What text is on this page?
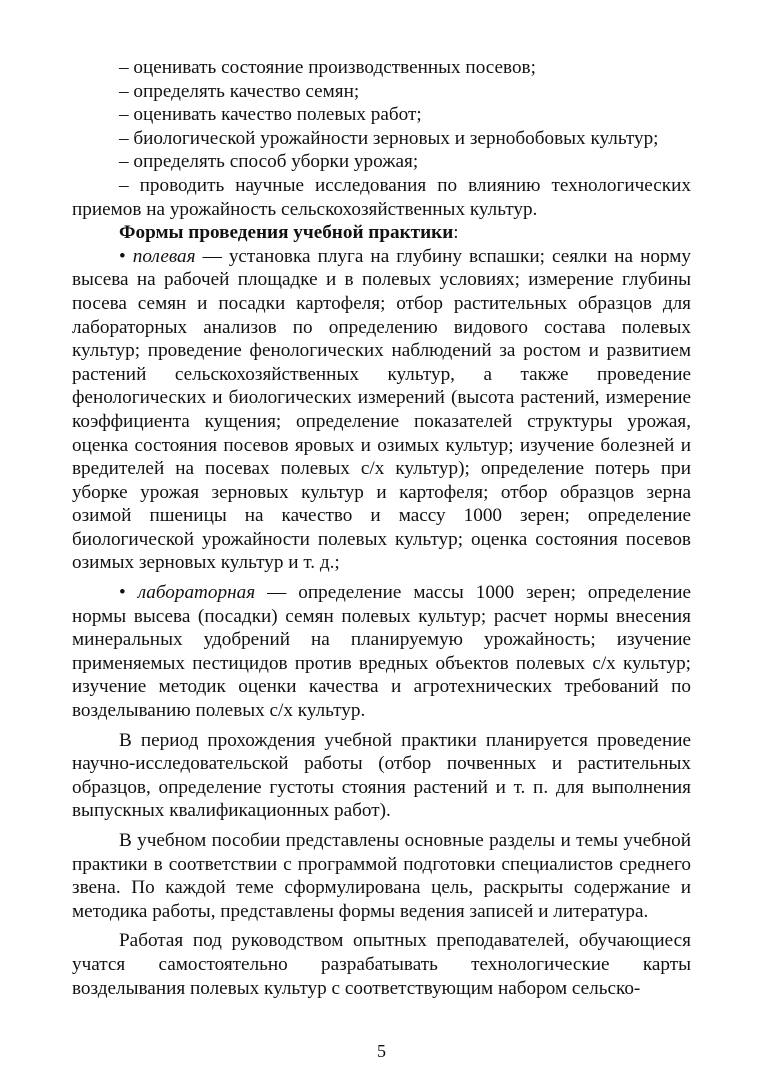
– оценивать состояние производственных посевов;

– определять качество семян;

– оценивать качество полевых работ;

– биологической урожайности зерновых и зернобобовых культур;

– определять способ уборки урожая;

– проводить научные исследования по влиянию технологических приемов на урожайность сельскохозяйственных культур.

Формы проведения учебной практики:

• полевая — установка плуга на глубину вспашки; сеялки на норму высева на рабочей площадке и в полевых условиях; измерение глубины посева семян и посадки картофеля; отбор растительных образцов для лабораторных анализов по определению видового состава полевых культур; проведение фенологических наблюдений за ростом и развитием растений сельскохозяйственных культур, а также проведение фенологических и биологических измерений (высота растений, измерение коэффициента кущения; определение показателей структуры урожая, оценка состояния посевов яровых и озимых культур; изучение болезней и вредителей на посевах полевых с/х культур); определение потерь при уборке урожая зерновых культур и картофеля; отбор образцов зерна озимой пшеницы на качество и массу 1000 зерен; определение биологической урожайности полевых культур; оценка состояния посевов озимых зерновых культур и т. д.;

• лабораторная — определение массы 1000 зерен; определение нормы высева (посадки) семян полевых культур; расчет нормы внесения минеральных удобрений на планируемую урожайность; изучение применяемых пестицидов против вредных объектов полевых с/х культур; изучение методик оценки качества и агротехнических требований по возделыванию полевых с/х культур.

В период прохождения учебной практики планируется проведение научно-исследовательской работы (отбор почвенных и растительных образцов, определение густоты стояния растений и т. п. для выполнения выпускных квалификационных работ).

В учебном пособии представлены основные разделы и темы учебной практики в соответствии с программой подготовки специалистов среднего звена. По каждой теме сформулирована цель, раскрыты содержание и методика работы, представлены формы ведения записей и литература.

Работая под руководством опытных преподавателей, обучающиеся учатся самостоятельно разрабатывать технологические карты возделывания полевых культур с соответствующим набором сельско-

5
